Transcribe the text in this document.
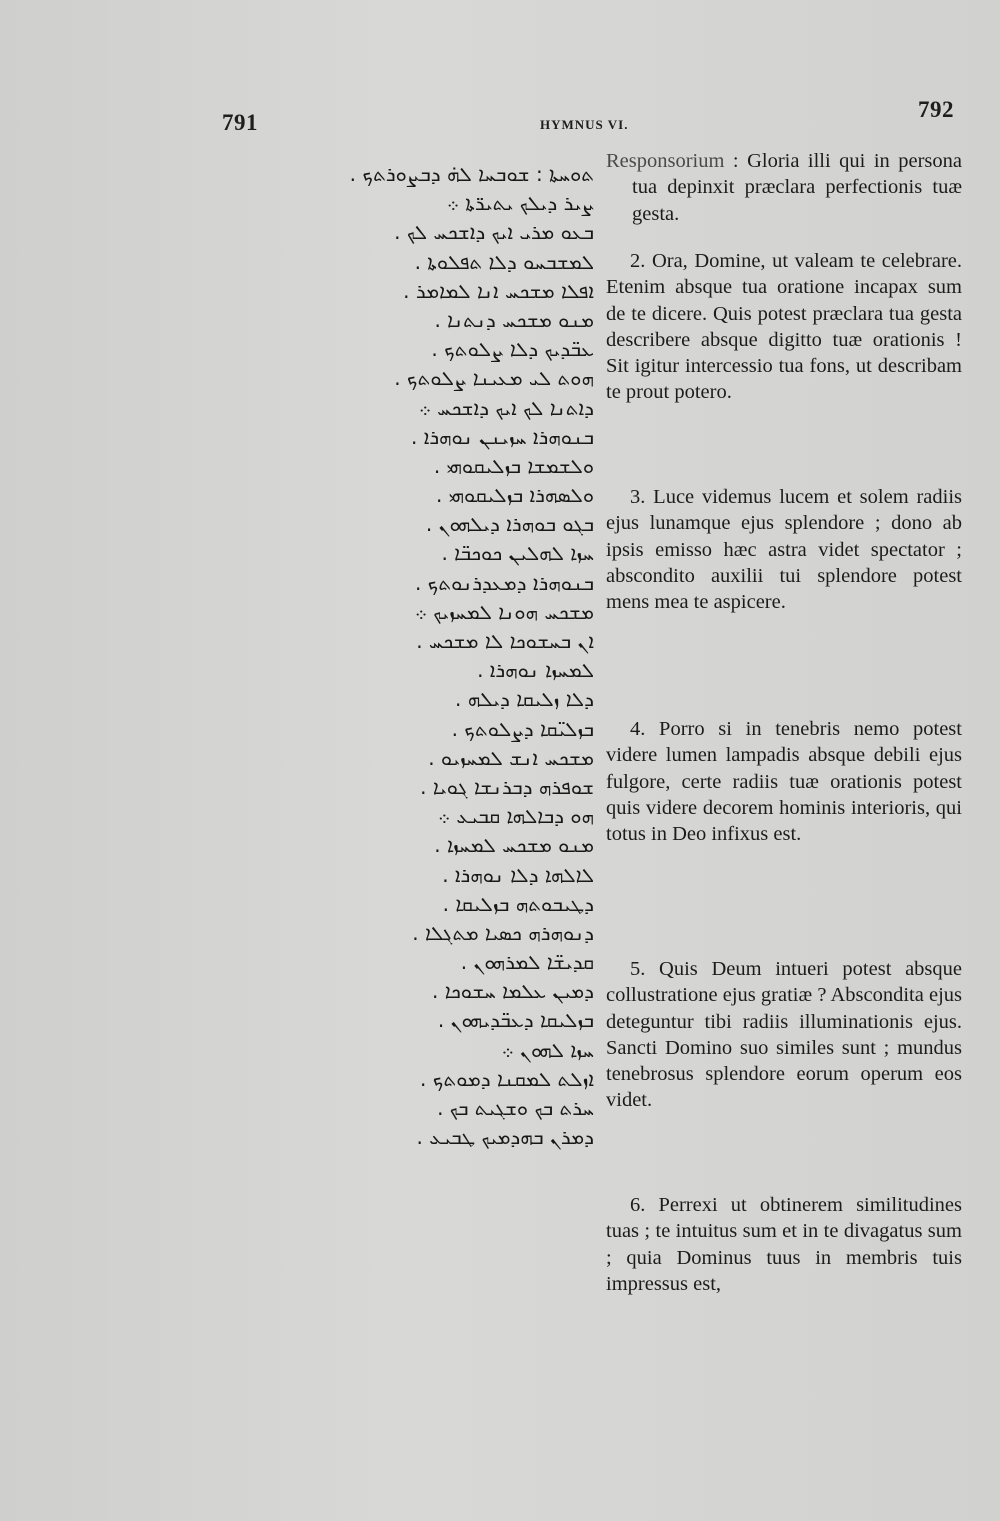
791	HYMNUS VI.
792
ܬܘܚܬܐ : ܫܘܒܚܐ ܠܗ̇ ܕܒܨܘܪܬܟ .
ܨܝܪ ܕܝܠܟ ܝܬܝܪ̈ܬܐ ܀
ܒܥܘ ܡܪܝ ܐܝܟ ܕܐܫܟܚ ܠܟ .
ܠܡܫܒܚܘ ܕܠܐ ܬܦܠܘܬܐ .
ܐܦܠܐ ܡܫܟܚ ܐܢܐ ܠܡܐܡܪ .
ܡܢܘ ܡܫܟܚ ܕܢܬܢܐ .
ܥܒ̈ܕܝܟ ܕܠܐ ܨܠܘܬܟ .
ܗܘܬ ܠܝ ܡܥܝܢܐ ܨܠܘܬܟ .
ܕܐܬܢܐ ܠܟ ܐܝܟ ܕܐܫܟܚ ܀
ܒܢܘܗܪܐ ܚܙܝܢܢ ܢܘܗܪܐ .
ܘܠܫܡܫܐ ܒܙܠܝܩܘܗܝ .
ܘܠܣܗܪܐ ܒܙܠܝܩܘܗܝ .
ܒܓܘ ܒܘܗܪܐ ܕܝܠܗܘܢ .
ܚܙܐ ܠܗܠܝܢ ܟܘܟܒ̈ܐ .
ܒܢܘܗܪܐ ܕܡܥܕܪܢܘܬܟ .
ܡܫܟܚ ܗܘܢܐ ܠܡܚܙܝܟ ܀
ܐܢ ܒܚܫܘܟܐ ܠܐ ܡܫܟܚ .
ܠܡܚܙܐ ܢܘܗܪܐ .
ܕܠܐ ܙܠܝܩܐ ܕܝܠܗ .
ܒܙܠܝ̈ܩܐ ܕܨܠܘܬܟ .
ܡܫܟܚ ܐܢܫ ܠܡܚܙܝܘ .
ܫܘܦܪܗ ܕܒܪܢܫܐ ܓܘܝܐ .
ܗܘ ܕܒܐܠܗܐ ܩܒܝܥ ܀
ܡܢܘ ܡܫܟܚ ܠܡܚܙܐ .
ܠܐܠܗܐ ܕܠܐ ܢܘܗܪܐ .
ܕܛܝܒܘܬܗ ܒܙܠܝܩܐ .
ܕܢܘܗܪܗ ܟܣܝܐ ܡܬܓܠܐ .
ܩܕܝܫ̈ܐ ܠܡܪܗܘܢ .
ܕܡܝܢ ܥܠܡܐ ܚܫܘܟܐ .
ܒܙܠܝܩܐ ܕܥܒ̈ܕܝܗܘܢ .
ܚܙܐ ܠܗܘܢ ܀
ܐܙܠܬ ܠܡܩܢܐ ܕܡܘܬܟ .
ܚܪܬ ܒܟ ܘܫܓܝܬ ܒܟ .
ܕܡܪܢ ܒܗܕܡܝܟ ܛܒܝܥ .

Responsorium : Gloria illi qui in persona tua depinxit præclara perfectionis tuæ gesta.

2. Ora, Domine, ut valeam te celebrare. Etenim absque tua oratione incapax sum de te dicere. Quis potest præclara tua gesta describere absque digitto tuæ orationis ! Sit igitur intercessio tua fons, ut describam te prout potero.

3. Luce videmus lucem et solem radiis ejus lunamque ejus splendore ; dono ab ipsis emisso hæc astra videt spectator ; abscondito auxilii tui splendore potest mens mea te aspicere.

4. Porro si in tenebris nemo potest videre lumen lampadis absque debili ejus fulgore, certe radiis tuæ orationis potest quis videre decorem hominis interioris, qui totus in Deo infixus est.

5. Quis Deum intueri potest absque collustratione ejus gratiæ ? Abscondita ejus deteguntur tibi radiis illuminationis ejus. Sancti Domino suo similes sunt ; mundus tenebrosus splendore eorum operum eos videt.

6. Perrexi ut obtinerem similitudines tuas ; te intuitus sum et in te divagatus sum ; quia Dominus tuus in membris tuis impressus est,
